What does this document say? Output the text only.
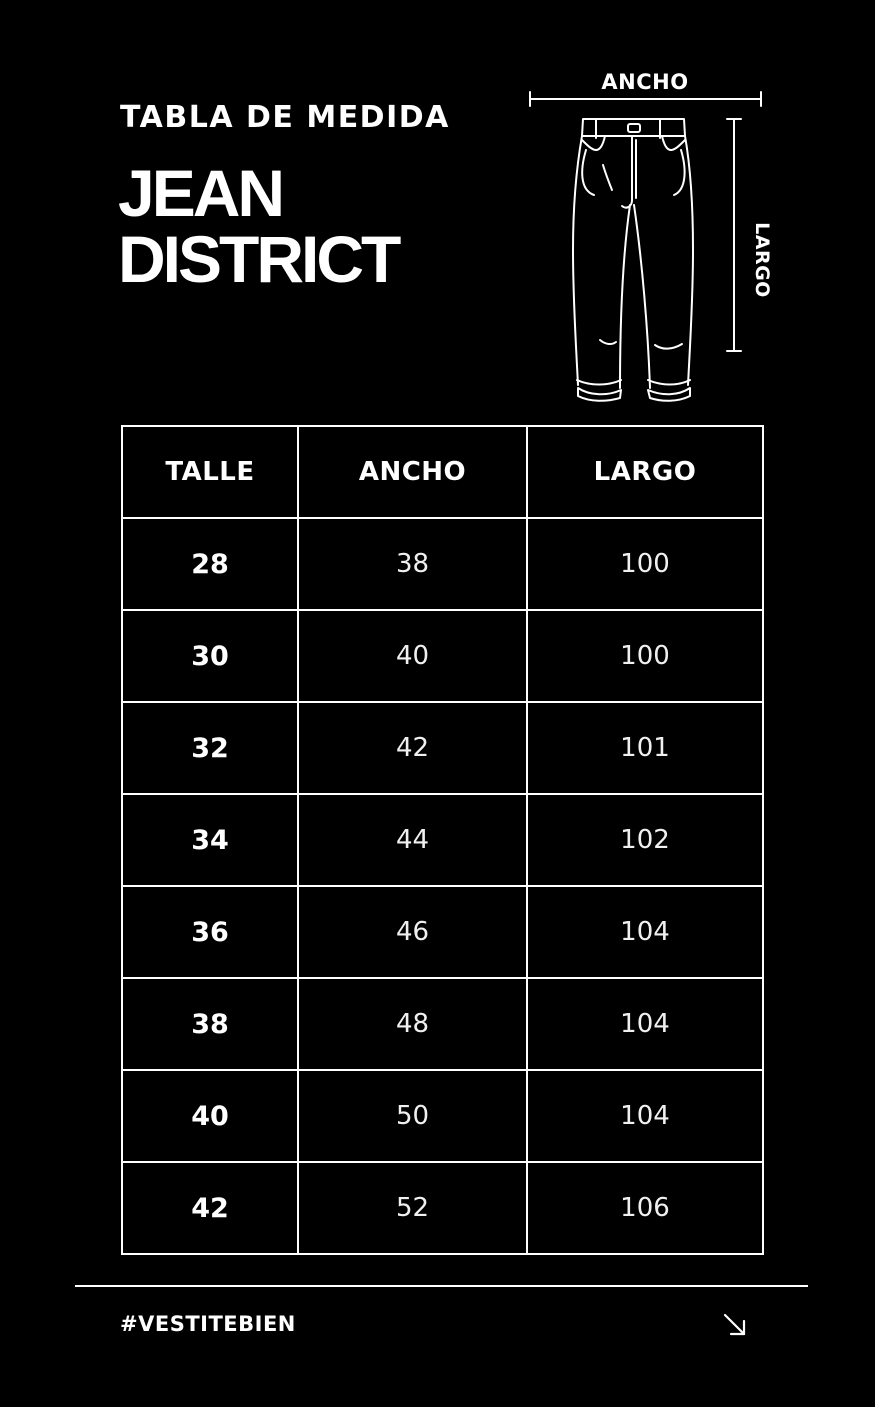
TABLA DE MEDIDA
JEAN
DISTRICT
ANCHO
LARGO
TALLE	ANCHO	LARGO
28	38	100
30	40	100
32	42	101
34	44	102
36	46	104
38	48	104
40	50	104
42	52	106
#VESTITEBIEN
